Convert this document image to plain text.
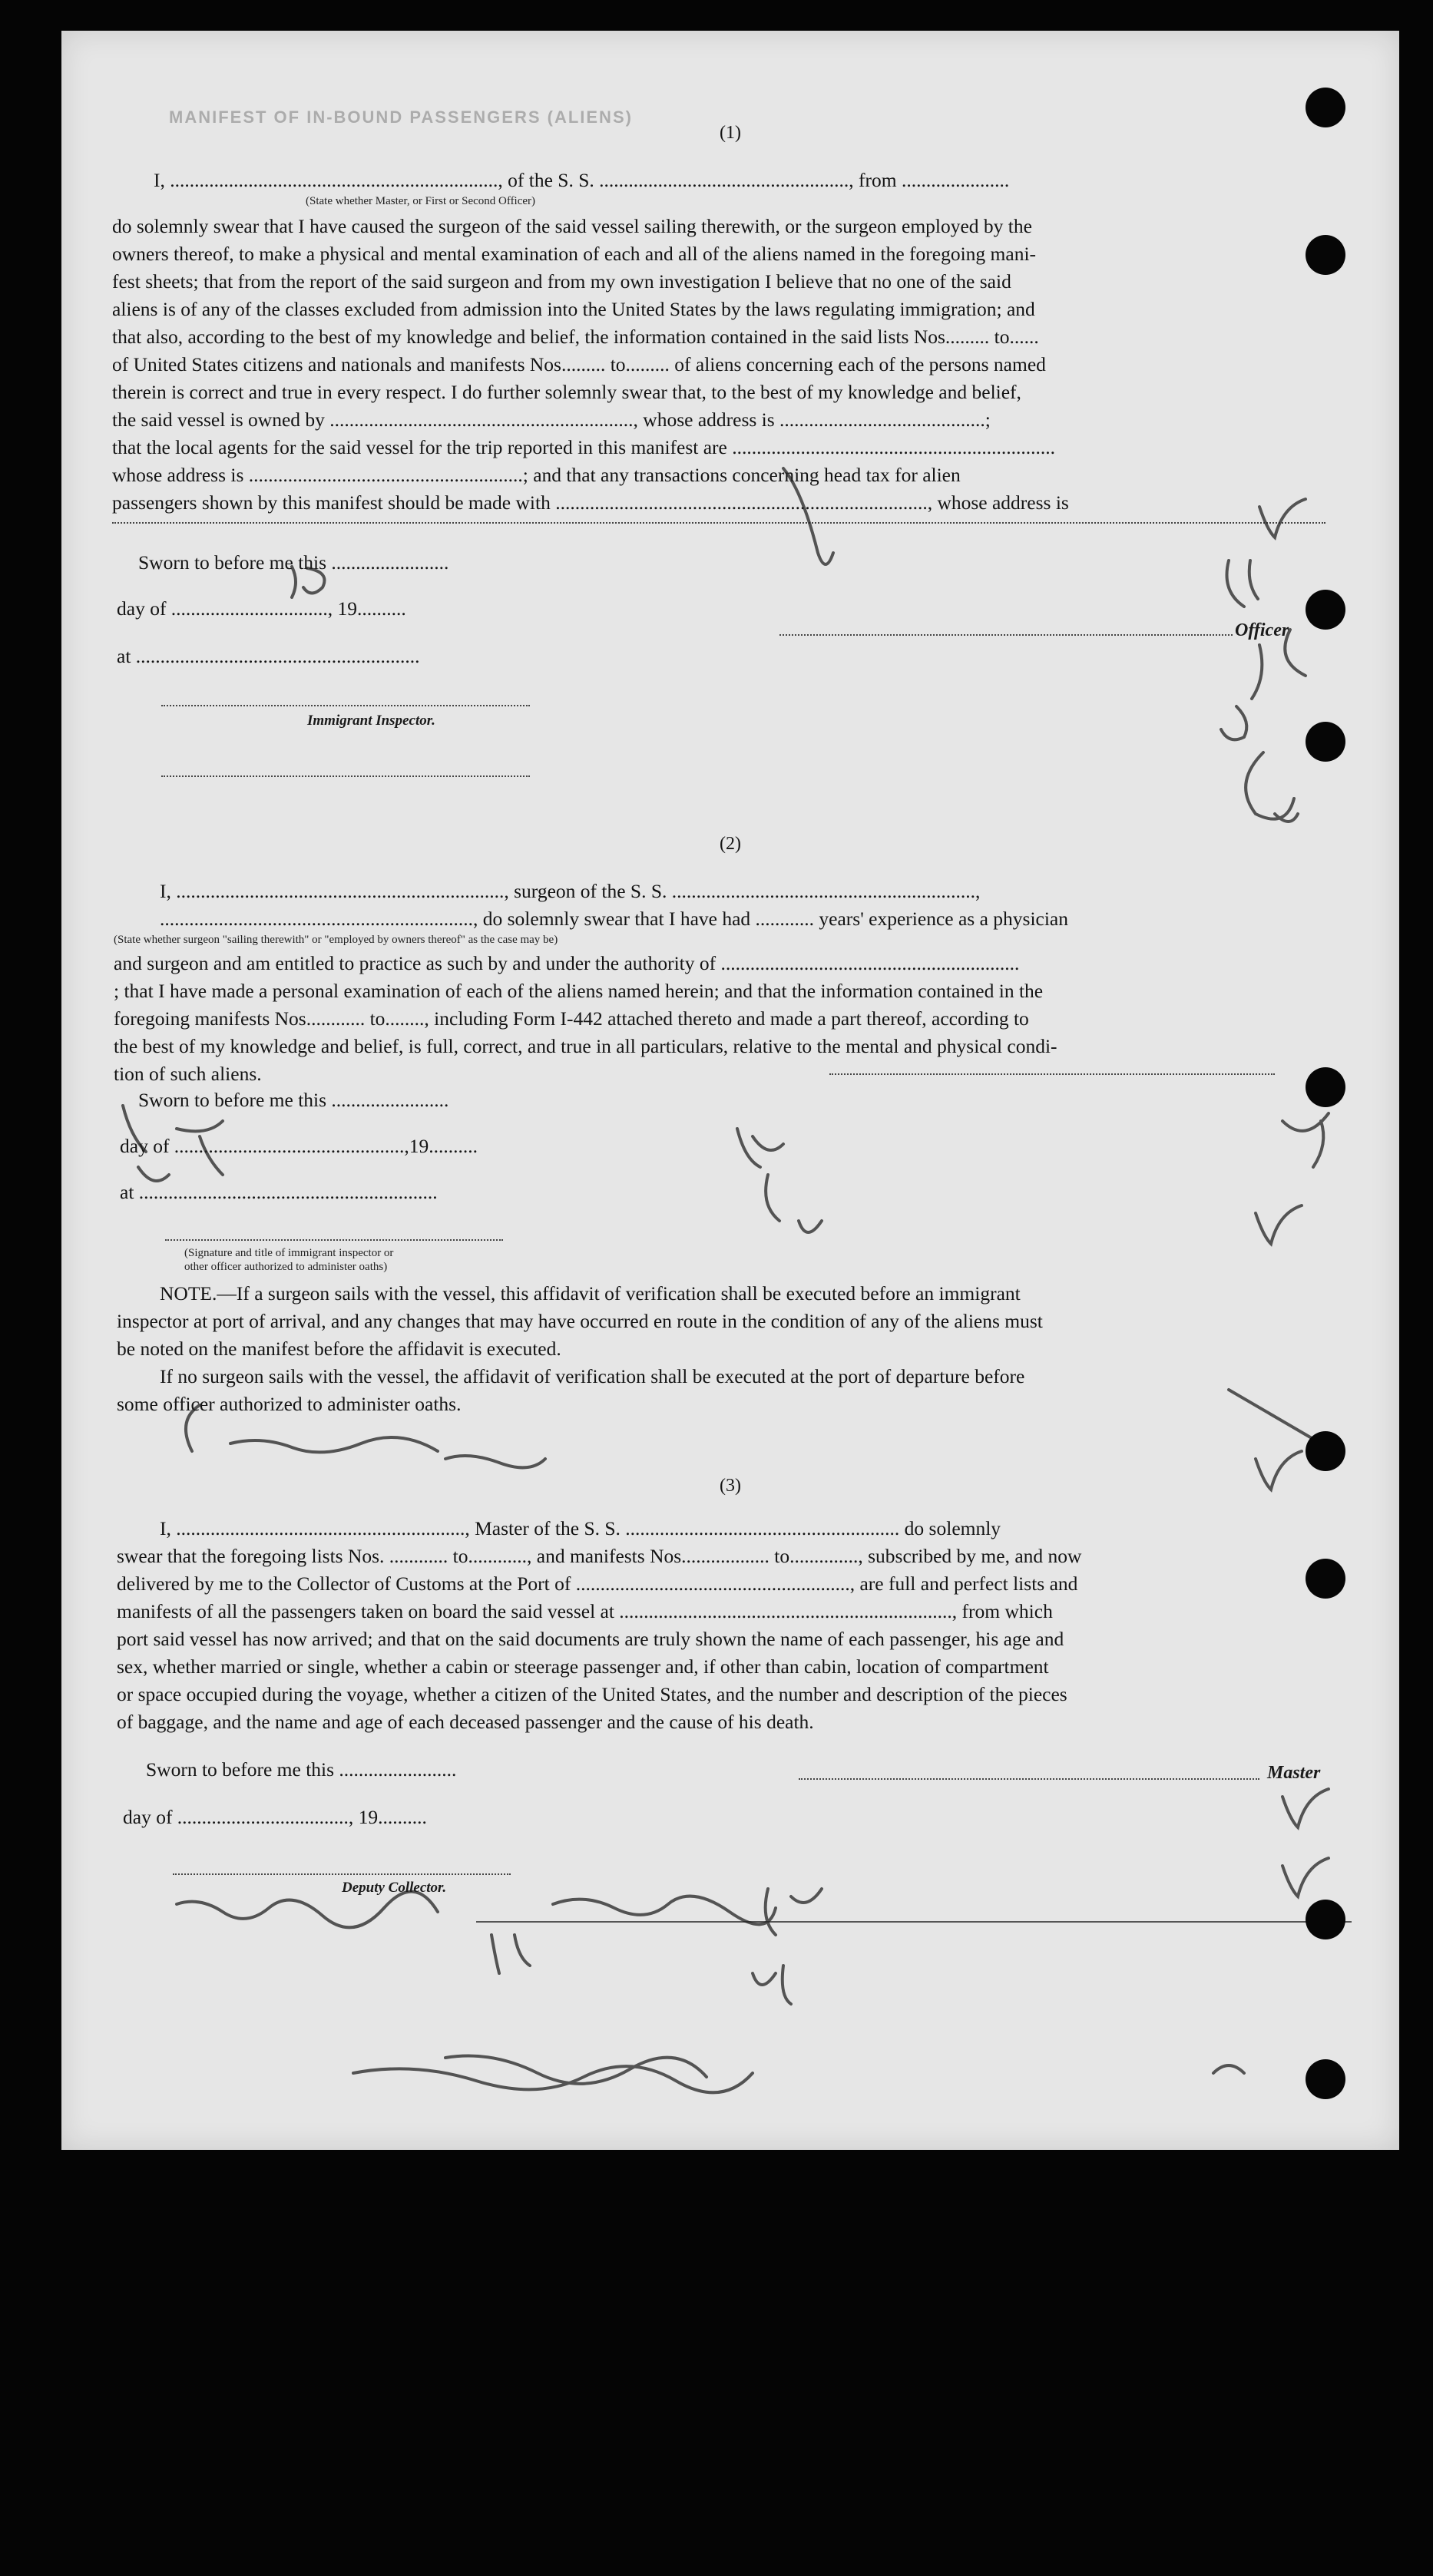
MANIFEST OF IN-BOUND PASSENGERS (ALIENS)
(1)
I, ..................................................................., of the S. S. ..................................................., from ......................
(State whether Master, or First or Second Officer)
do solemnly swear that I have caused the surgeon of the said vessel sailing therewith, or the surgeon employed by the
owners thereof, to make a physical and mental examination of each and all of the aliens named in the foregoing mani-
fest sheets; that from the report of the said surgeon and from my own investigation I believe that no one of the said
aliens is of any of the classes excluded from admission into the United States by the laws regulating immigration; and
that also, according to the best of my knowledge and belief, the information contained in the said lists Nos......... to......
of United States citizens and nationals and manifests Nos......... to......... of aliens concerning each of the persons named
therein is correct and true in every respect. I do further solemnly swear that, to the best of my knowledge and belief,
the said vessel is owned by .............................................................., whose address is ..........................................;
that the local agents for the said vessel for the trip reported in this manifest are ..................................................................
whose address is ........................................................; and that any transactions concerning head tax for alien
passengers shown by this manifest should be made with ............................................................................, whose address is
Sworn to before me this ........................
day of ................................, 19..........
at ..........................................................
Immigrant Inspector.
Officer
(2)
I, ..................................................................., surgeon of the S. S. ..............................................................,
................................................................, do solemnly swear that I have had ............ years' experience as a physician
(State whether surgeon "sailing therewith" or "employed by owners thereof" as the case may be)
and surgeon and am entitled to practice as such by and under the authority of .............................................................
; that I have made a personal examination of each of the aliens named herein; and that the information contained in the
foregoing manifests Nos............ to........, including Form I-442 attached thereto and made a part thereof, according to
the best of my knowledge and belief, is full, correct, and true in all particulars, relative to the mental and physical condi-
tion of such aliens.
Sworn to before me this ........................
day of ...............................................,19..........
at .............................................................
(Signature and title of immigrant inspector or
other officer authorized to administer oaths)
NOTE.—If a surgeon sails with the vessel, this affidavit of verification shall be executed before an immigrant
inspector at port of arrival, and any changes that may have occurred en route in the condition of any of the aliens must
be noted on the manifest before the affidavit is executed.
If no surgeon sails with the vessel, the affidavit of verification shall be executed at the port of departure before
some officer authorized to administer oaths.
(3)
I, ..........................................................., Master of the S. S. ........................................................ do solemnly
swear that the foregoing lists Nos. ............ to............, and manifests Nos.................. to.............., subscribed by me, and now
delivered by me to the Collector of Customs at the Port of ........................................................, are full and perfect lists and
manifests of all the passengers taken on board the said vessel at ...................................................................., from which
port said vessel has now arrived; and that on the said documents are truly shown the name of each passenger, his age and
sex, whether married or single, whether a cabin or steerage passenger and, if other than cabin, location of compartment
or space occupied during the voyage, whether a citizen of the United States, and the number and description of the pieces
of baggage, and the name and age of each deceased passenger and the cause of his death.
Sworn to before me this ........................	Master
day of ..................................., 19..........
Deputy Collector.
